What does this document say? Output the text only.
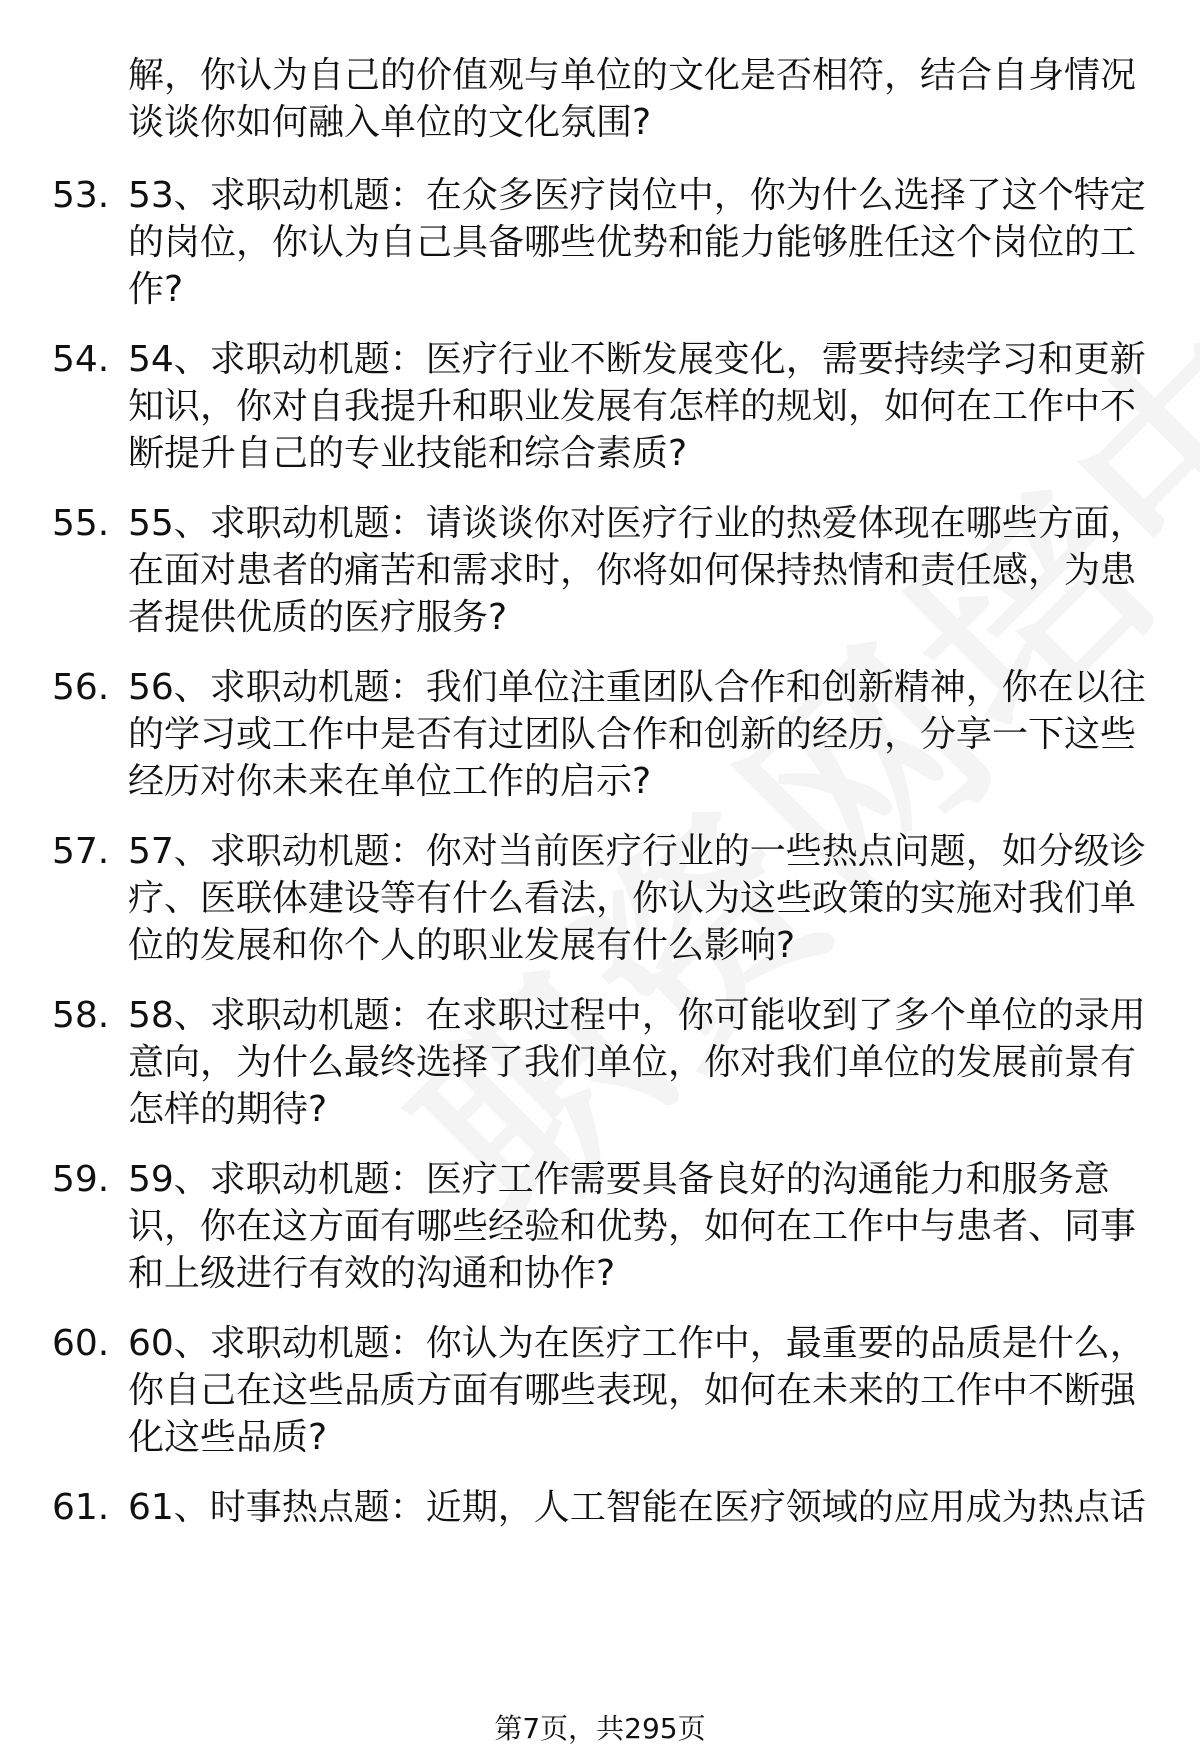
解，你认为自己的价值观与单位的文化是否相符，结合自身情况谈谈你如何融入单位的文化氛围?

53. 53、求职动机题：在众多医疗岗位中，你为什么选择了这个特定的岗位，你认为自己具备哪些优势和能力能够胜任这个岗位的工作?
54. 54、求职动机题：医疗行业不断发展变化，需要持续学习和更新知识，你对自我提升和职业发展有怎样的规划，如何在工作中不断提升自己的专业技能和综合素质?
55. 55、求职动机题：请谈谈你对医疗行业的热爱体现在哪些方面，在面对患者的痛苦和需求时，你将如何保持热情和责任感，为患者提供优质的医疗服务?
56. 56、求职动机题：我们单位注重团队合作和创新精神，你在以往的学习或工作中是否有过团队合作和创新的经历，分享一下这些经历对你未来在单位工作的启示?
57. 57、求职动机题：你对当前医疗行业的一些热点问题，如分级诊疗、医联体建设等有什么看法，你认为这些政策的实施对我们单位的发展和你个人的职业发展有什么影响?
58. 58、求职动机题：在求职过程中，你可能收到了多个单位的录用意向，为什么最终选择了我们单位，你对我们单位的发展前景有怎样的期待?
59. 59、求职动机题：医疗工作需要具备良好的沟通能力和服务意识，你在这方面有哪些经验和优势，如何在工作中与患者、同事和上级进行有效的沟通和协作?
60. 60、求职动机题：你认为在医疗工作中，最重要的品质是什么，你自己在这些品质方面有哪些表现，如何在未来的工作中不断强化这些品质?
61. 61、时事热点题：近期，人工智能在医疗领域的应用成为热点话
第7页，共295页
